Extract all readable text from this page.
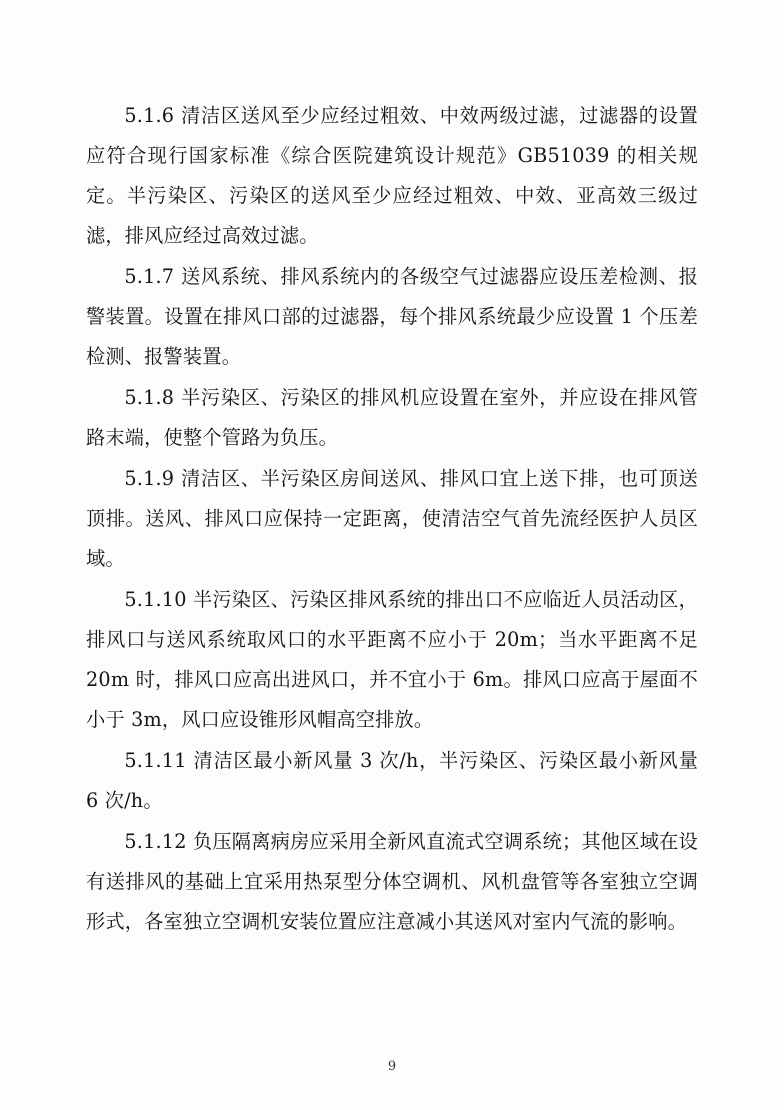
5.1.6 清洁区送风至少应经过粗效、中效两级过滤，过滤器的设置应符合现行国家标准《综合医院建筑设计规范》GB51039 的相关规定。半污染区、污染区的送风至少应经过粗效、中效、亚高效三级过滤，排风应经过高效过滤。

5.1.7 送风系统、排风系统内的各级空气过滤器应设压差检测、报警装置。设置在排风口部的过滤器，每个排风系统最少应设置 1 个压差检测、报警装置。

5.1.8 半污染区、污染区的排风机应设置在室外，并应设在排风管路末端，使整个管路为负压。

5.1.9 清洁区、半污染区房间送风、排风口宜上送下排，也可顶送顶排。送风、排风口应保持一定距离，使清洁空气首先流经医护人员区域。

5.1.10 半污染区、污染区排风系统的排出口不应临近人员活动区，排风口与送风系统取风口的水平距离不应小于 20m；当水平距离不足 20m 时，排风口应高出进风口，并不宜小于 6m。排风口应高于屋面不小于 3m，风口应设锥形风帽高空排放。

5.1.11 清洁区最小新风量 3 次/h，半污染区、污染区最小新风量 6 次/h。

5.1.12 负压隔离病房应采用全新风直流式空调系统；其他区域在设有送排风的基础上宜采用热泵型分体空调机、风机盘管等各室独立空调形式，各室独立空调机安装位置应注意减小其送风对室内气流的影响。

9
